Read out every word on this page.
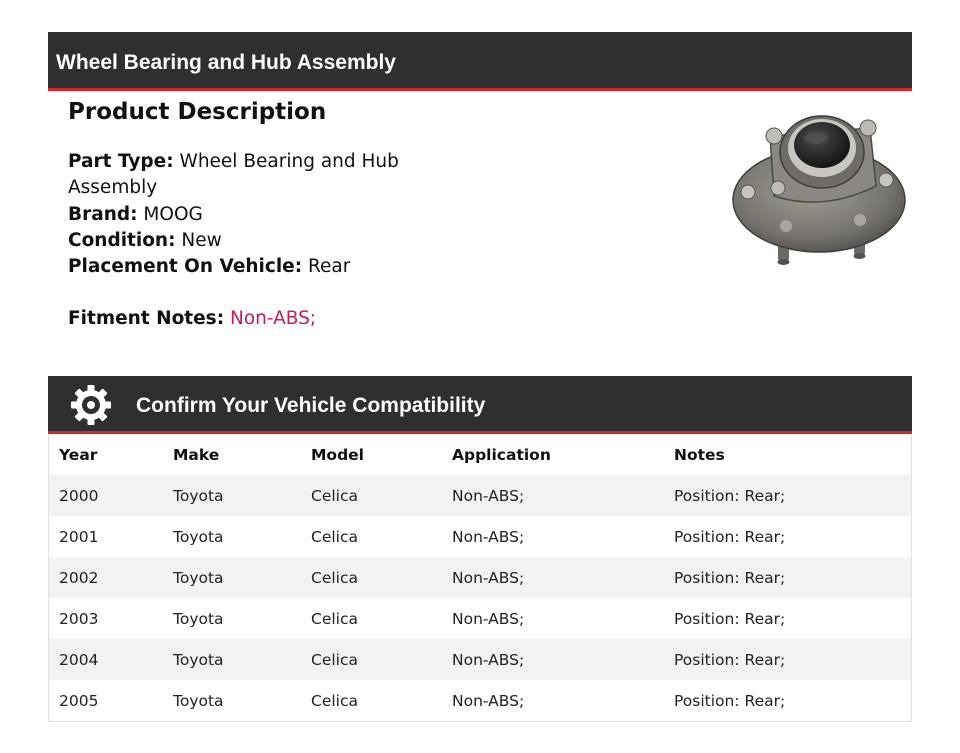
Wheel Bearing and Hub Assembly
Product Description
Part Type: Wheel Bearing and Hub Assembly
Brand: MOOG
Condition: New
Placement On Vehicle: Rear
Fitment Notes: Non-ABS;
Confirm Your Vehicle Compatibility
Year	Make	Model	Application	Notes
2000	Toyota	Celica	Non-ABS;	Position: Rear;
2001	Toyota	Celica	Non-ABS;	Position: Rear;
2002	Toyota	Celica	Non-ABS;	Position: Rear;
2003	Toyota	Celica	Non-ABS;	Position: Rear;
2004	Toyota	Celica	Non-ABS;	Position: Rear;
2005	Toyota	Celica	Non-ABS;	Position: Rear;
